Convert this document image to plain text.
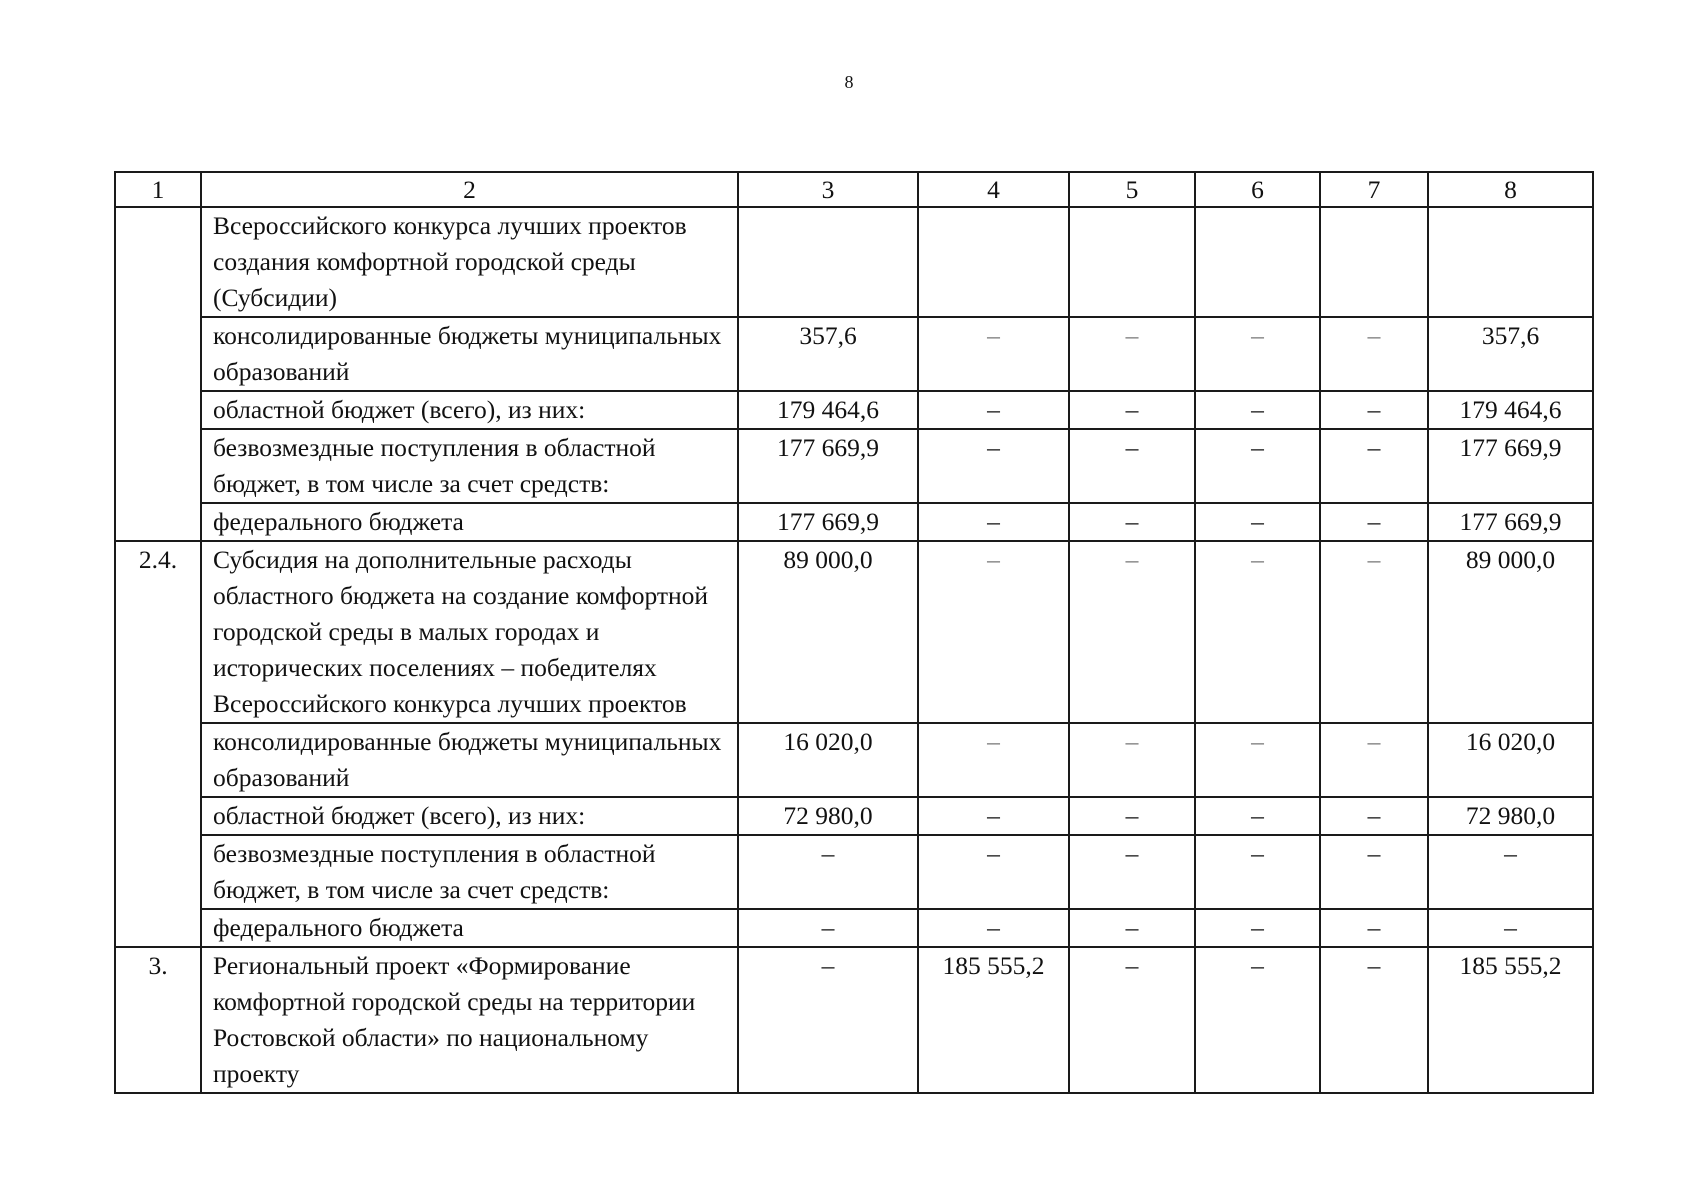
8
1	2	3	4	5	6	7	8
	Всероссийского конкурса лучших проектов создания комфортной городской среды (Субсидии)						
	консолидированные бюджеты муниципальных образований	357,6	–	–	–	–	357,6
	областной бюджет (всего), из них:	179 464,6	–	–	–	–	179 464,6
	безвозмездные поступления в областной бюджет, в том числе за счет средств:	177 669,9	–	–	–	–	177 669,9
	федерального бюджета	177 669,9	–	–	–	–	177 669,9
2.4.	Субсидия на дополнительные расходы областного бюджета на создание комфортной городской среды в малых городах и исторических поселениях – победителях Всероссийского конкурса лучших проектов	89 000,0	–	–	–	–	89 000,0
	консолидированные бюджеты муниципальных образований	16 020,0	–	–	–	–	16 020,0
	областной бюджет (всего), из них:	72 980,0	–	–	–	–	72 980,0
	безвозмездные поступления в областной бюджет, в том числе за счет средств:	–	–	–	–	–	–
	федерального бюджета	–	–	–	–	–	–
3.	Региональный проект «Формирование комфортной городской среды на территории Ростовской области» по национальному проекту	–	185 555,2	–	–	–	185 555,2
